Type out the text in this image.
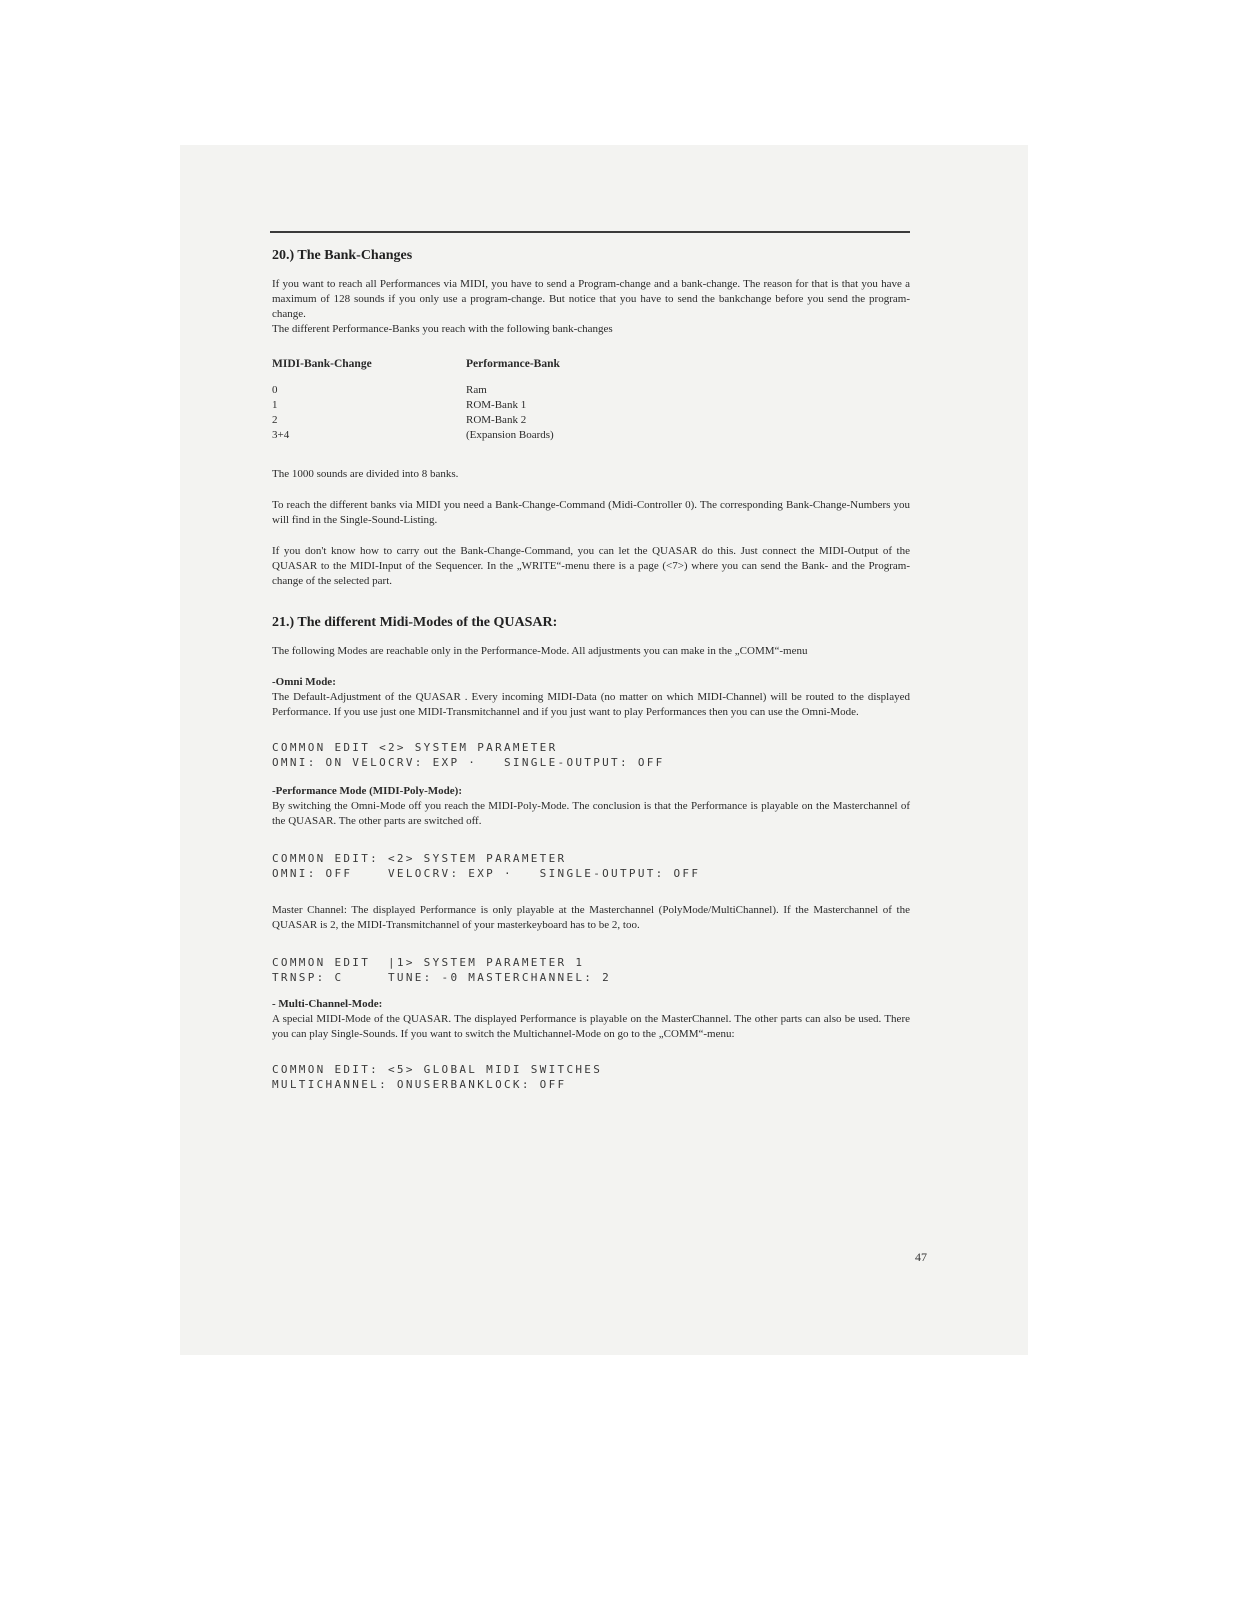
20.) The Bank-Changes

If you want to reach all Performances via MIDI, you have to send a Program-change and a bank-change. The reason for that is that you have a maximum of 128 sounds if you only use a program-change. But notice that you have to send the bankchange before you send the program-change.

The different Performance-Banks you reach with the following bank-changes

MIDI-Bank-Change	Performance-Bank
0	Ram
1	ROM-Bank 1
2	ROM-Bank 2
3+4	(Expansion Boards)

The 1000 sounds are divided into 8 banks.

To reach the different banks via MIDI you need a Bank-Change-Command (Midi-Controller 0). The corresponding Bank-Change-Numbers you will find in the Single-Sound-Listing.

If you don't know how to carry out the Bank-Change-Command, you can let the QUASAR do this. Just connect the MIDI-Output of the QUASAR to the MIDI-Input of the Sequencer. In the „WRITE“-menu there is a page (<7>) where you can send the Bank- and the Program-change of the selected part.

21.) The different Midi-Modes of the QUASAR:

The following Modes are reachable only in the Performance-Mode. All adjustments you can make in the „COMM“-menu

-Omni Mode:

The Default-Adjustment of the QUASAR . Every incoming MIDI-Data (no matter on which MIDI-Channel) will be routed to the displayed Performance. If you use just one MIDI-Transmitchannel and if you just want to play Performances then you can use the Omni-Mode.

COMMON EDIT <2> SYSTEM PARAMETER
OMNI: ON VELOCRV: EXP ·   SINGLE-OUTPUT: OFF
-Performance Mode (MIDI-Poly-Mode):

By switching the Omni-Mode off you reach the MIDI-Poly-Mode. The conclusion is that the Performance is playable on the Masterchannel of the QUASAR. The other parts are switched off.

COMMON EDIT: <2> SYSTEM PARAMETER
OMNI: OFF    VELOCRV: EXP ·   SINGLE-OUTPUT: OFF

Master Channel: The displayed Performance is only playable at the Masterchannel (PolyMode/MultiChannel). If the Masterchannel of the QUASAR is 2, the MIDI-Transmitchannel of your masterkeyboard has to be 2, too.

COMMON EDIT  |1> SYSTEM PARAMETER 1
TRNSP: C     TUNE: -0 MASTERCHANNEL: 2
- Multi-Channel-Mode:

A special MIDI-Mode of the QUASAR. The displayed Performance is playable on the MasterChannel. The other parts can also be used. There you can play Single-Sounds. If you want to switch the Multichannel-Mode on go to the „COMM“-menu:

COMMON EDIT: <5> GLOBAL MIDI SWITCHES
MULTICHANNEL: ONUSERBANKLOCK: OFF
47
